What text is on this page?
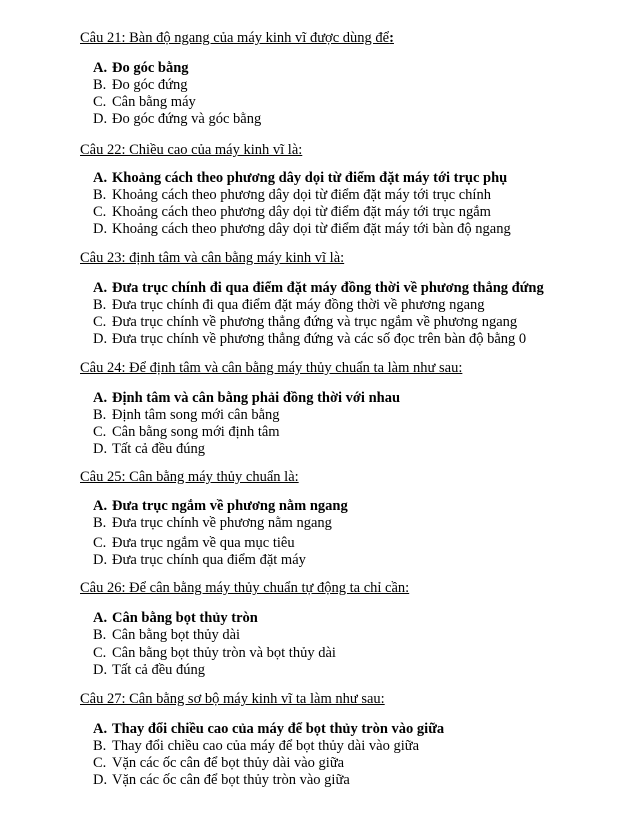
Câu 21: Bàn độ ngang của máy kinh vĩ được dùng để:
A. Đo góc bằng
B. Đo góc đứng
C. Cân bằng máy
D. Đo góc đứng và góc bằng
Câu 22: Chiều cao của máy kinh vĩ là:
A. Khoảng cách theo phương dây dọi từ điểm đặt máy tới trục phụ
B. Khoảng cách theo phương dây dọi từ điểm đặt máy tới trục chính
C. Khoảng cách theo phương dây dọi từ điểm đặt máy tới trục ngắm
D. Khoảng cách theo phương dây dọi từ điểm đặt máy tới bàn độ ngang
Câu 23: định tâm và cân bằng máy kinh vĩ là:
A. Đưa trục chính đi qua điểm đặt máy đồng thời về phương thẳng đứng
B. Đưa trục chính đi qua điểm đặt máy đồng thời về phương ngang
C. Đưa trục chính về phương thẳng đứng và trục ngắm về phương ngang
D. Đưa trục chính về phương thẳng đứng và các số đọc trên bàn độ bằng 0
Câu 24: Để định tâm và cân bằng máy thủy chuẩn ta làm như sau:
A. Định tâm và cân bằng phải đồng thời với nhau
B. Định tâm song mới cân bằng
C. Cân bằng song mới định tâm
D. Tất cả đều đúng
Câu 25: Cân bằng máy thủy chuẩn là:
A. Đưa trục ngắm về phương nằm ngang
B. Đưa trục chính về phương nằm ngang
C. Đưa trục ngắm về qua mục tiêu
D. Đưa trục chính qua điểm đặt máy
Câu 26: Để cân bằng máy thủy chuẩn tự động ta chỉ cần:
A. Cân bằng bọt thủy tròn
B. Cân bằng bọt thủy dài
C. Cân bằng bọt thủy tròn và bọt thủy dài
D. Tất cả đều đúng
Câu 27: Cân bằng sơ bộ máy kinh vĩ ta làm như sau:
A. Thay đổi chiều cao của máy để bọt thủy tròn vào giữa
B. Thay đổi chiều cao của máy để bọt thủy dài vào giữa
C. Vặn các ốc cân để bọt thủy dài vào giữa
D. Vặn các ốc cân để bọt thủy tròn vào giữa
